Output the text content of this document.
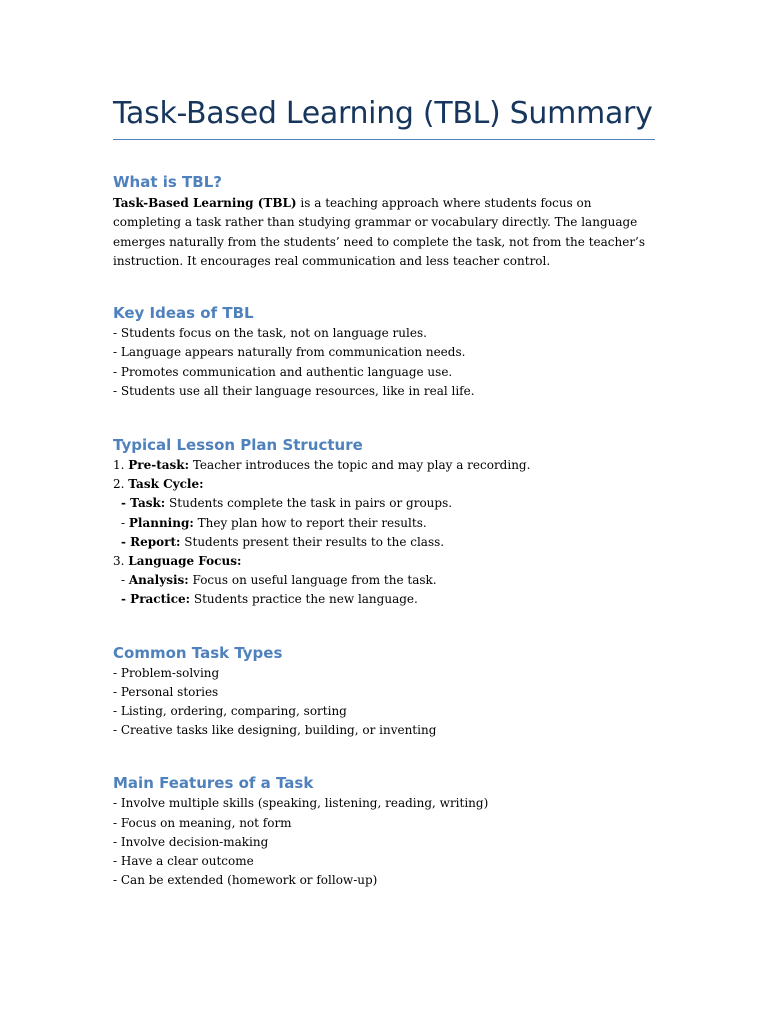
Task-Based Learning (TBL) Summary
What is TBL?

Task-Based Learning (TBL) is a teaching approach where students focus on completing a task rather than studying grammar or vocabulary directly. The language emerges naturally from the students’ need to complete the task, not from the teacher’s instruction. It encourages real communication and less teacher control.

Key Ideas of TBL
- Students focus on the task, not on language rules.
- Language appears naturally from communication needs.
- Promotes communication and authentic language use.
- Students use all their language resources, like in real life.
Typical Lesson Plan Structure
1. Pre-task: Teacher introduces the topic and may play a recording.
2. Task Cycle:
- Task: Students complete the task in pairs or groups.
- Planning: They plan how to report their results.
- Report: Students present their results to the class.
3. Language Focus:
- Analysis: Focus on useful language from the task.
- Practice: Students practice the new language.
Common Task Types
- Problem-solving
- Personal stories
- Listing, ordering, comparing, sorting
- Creative tasks like designing, building, or inventing
Main Features of a Task
- Involve multiple skills (speaking, listening, reading, writing)
- Focus on meaning, not form
- Involve decision-making
- Have a clear outcome
- Can be extended (homework or follow-up)
